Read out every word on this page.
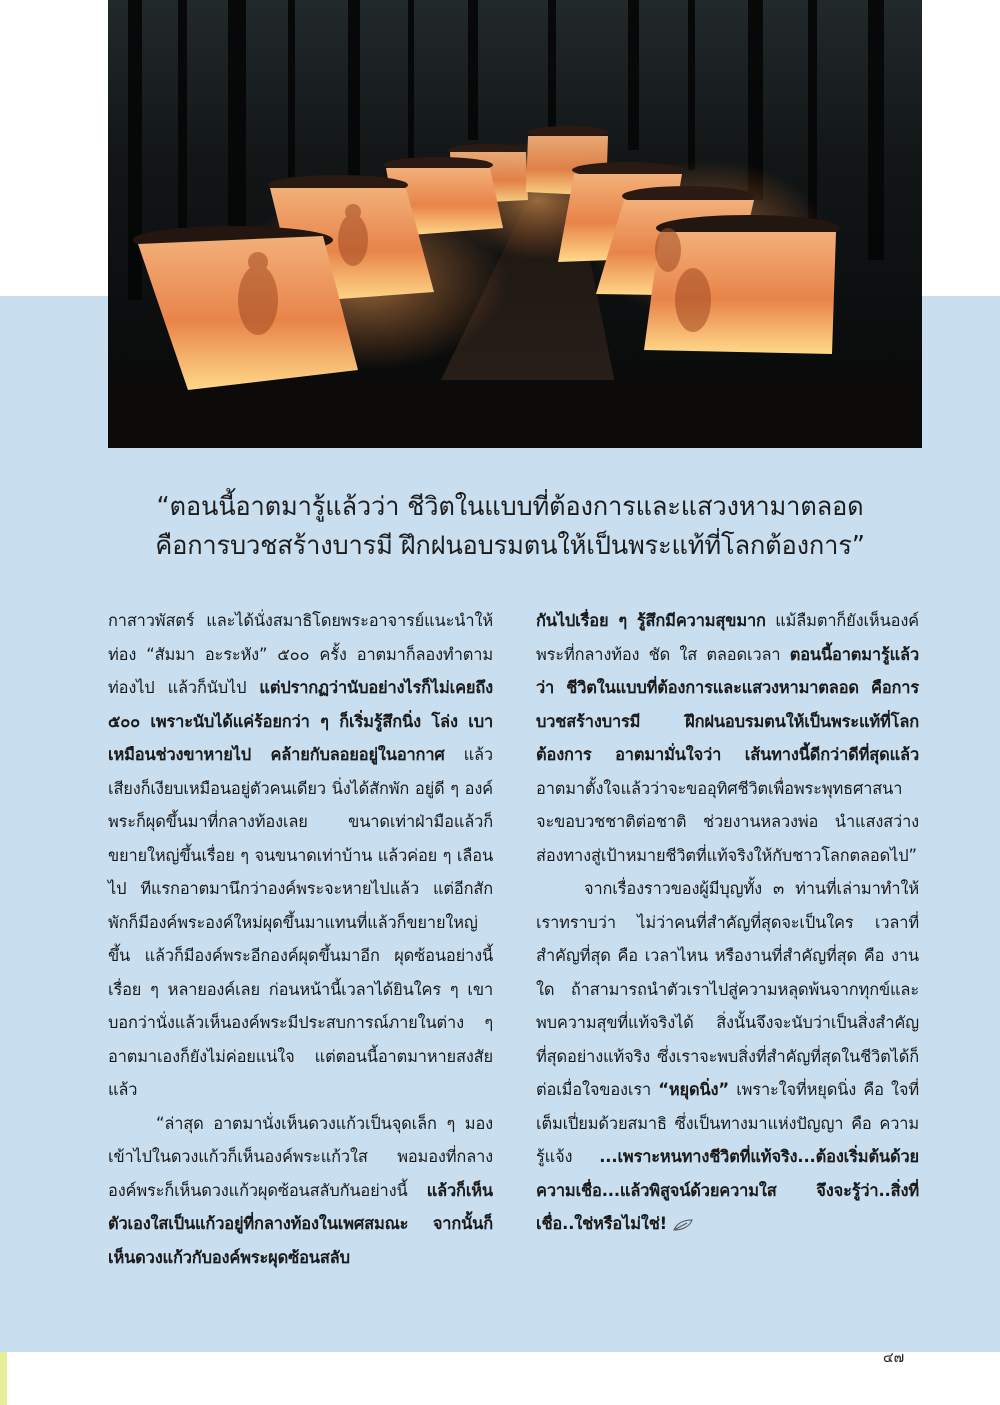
“ตอนนี้อาตมารู้แล้วว่า ชีวิตในแบบที่ต้องการและแสวงหามาตลอด
คือการบวชสร้างบารมี ฝึกฝนอบรมตนให้เป็นพระแท้ที่โลกต้องการ”

กาสาวพัสตร์ และได้นั่งสมาธิโดยพระอาจารย์แนะนำให้ท่อง “สัมมา อะระหัง” ๕๐๐ ครั้ง อาตมาก็ลองทำตาม ท่องไป แล้วก็นับไป แต่ปรากฏว่านับอย่างไรก็ไม่เคยถึง ๕๐๐ เพราะนับได้แค่ร้อยกว่า ๆ ก็เริ่มรู้สึกนิ่ง โล่ง เบา เหมือนช่วงขาหายไป คล้ายกับลอยอยู่ในอากาศ แล้วเสียงก็เงียบเหมือนอยู่ตัวคนเดียว นิ่งได้สักพัก อยู่ดี ๆ องค์พระก็ผุดขึ้นมาที่กลางท้องเลย ขนาดเท่าฝ่ามือแล้วก็ขยายใหญ่ขึ้นเรื่อย ๆ จนขนาดเท่าบ้าน แล้วค่อย ๆ เลือนไป ทีแรกอาตมานึกว่าองค์พระจะหายไปแล้ว แต่อีกสักพักก็มีองค์พระองค์ใหม่ผุดขึ้นมาแทนที่แล้วก็ขยายใหญ่ขึ้น แล้วก็มีองค์พระอีกองค์ผุดขึ้นมาอีก ผุดซ้อนอย่างนี้เรื่อย ๆ หลายองค์เลย ก่อนหน้านี้เวลาได้ยินใคร ๆ เขาบอกว่านั่งแล้วเห็นองค์พระมีประสบการณ์ภายในต่าง ๆ อาตมาเองก็ยังไม่ค่อยแน่ใจ แต่ตอนนี้อาตมาหายสงสัยแล้ว

“ล่าสุด อาตมานั่งเห็นดวงแก้วเป็นจุดเล็ก ๆ มองเข้าไปในดวงแก้วก็เห็นองค์พระแก้วใส พอมองที่กลางองค์พระก็เห็นดวงแก้วผุดซ้อนสลับกันอย่างนี้ แล้วก็เห็นตัวเองใสเป็นแก้วอยู่ที่กลางท้องในเพศสมณะ จากนั้นก็เห็นดวงแก้วกับองค์พระผุดซ้อนสลับ

กันไปเรื่อย ๆ รู้สึกมีความสุขมาก แม้ลืมตาก็ยังเห็นองค์พระที่กลางท้อง ชัด ใส ตลอดเวลา ตอนนี้อาตมารู้แล้วว่า ชีวิตในแบบที่ต้องการและแสวงหามาตลอด คือการบวชสร้างบารมี ฝึกฝนอบรมตนให้เป็นพระแท้ที่โลกต้องการ อาตมามั่นใจว่า เส้นทางนี้ดีกว่าดีที่สุดแล้ว อาตมาตั้งใจแล้วว่าจะขออุทิศชีวิตเพื่อพระพุทธศาสนา จะขอบวชชาติต่อชาติ ช่วยงานหลวงพ่อ นำแสงสว่างส่องทางสู่เป้าหมายชีวิตที่แท้จริงให้กับชาวโลกตลอดไป”

จากเรื่องราวของผู้มีบุญทั้ง ๓ ท่านที่เล่ามาทำให้เราทราบว่า ไม่ว่าคนที่สำคัญที่สุดจะเป็นใคร เวลาที่สำคัญที่สุด คือ เวลาไหน หรืองานที่สำคัญที่สุด คือ งานใด ถ้าสามารถนำตัวเราไปสู่ความหลุดพ้นจากทุกข์และพบความสุขที่แท้จริงได้ สิ่งนั้นจึงจะนับว่าเป็นสิ่งสำคัญที่สุดอย่างแท้จริง ซึ่งเราจะพบสิ่งที่สำคัญที่สุดในชีวิตได้ก็ต่อเมื่อใจของเรา “หยุดนิ่ง” เพราะใจที่หยุดนิ่ง คือ ใจที่เต็มเปี่ยมด้วยสมาธิ ซึ่งเป็นทางมาแห่งปัญญา คือ ความรู้แจ้ง ...เพราะหนทางชีวิตที่แท้จริง...ต้องเริ่มต้นด้วยความเชื่อ...แล้วพิสูจน์ด้วยความใส จึงจะรู้ว่า..สิ่งที่เชื่อ..ใช่หรือไม่ใช่!

๔๗
